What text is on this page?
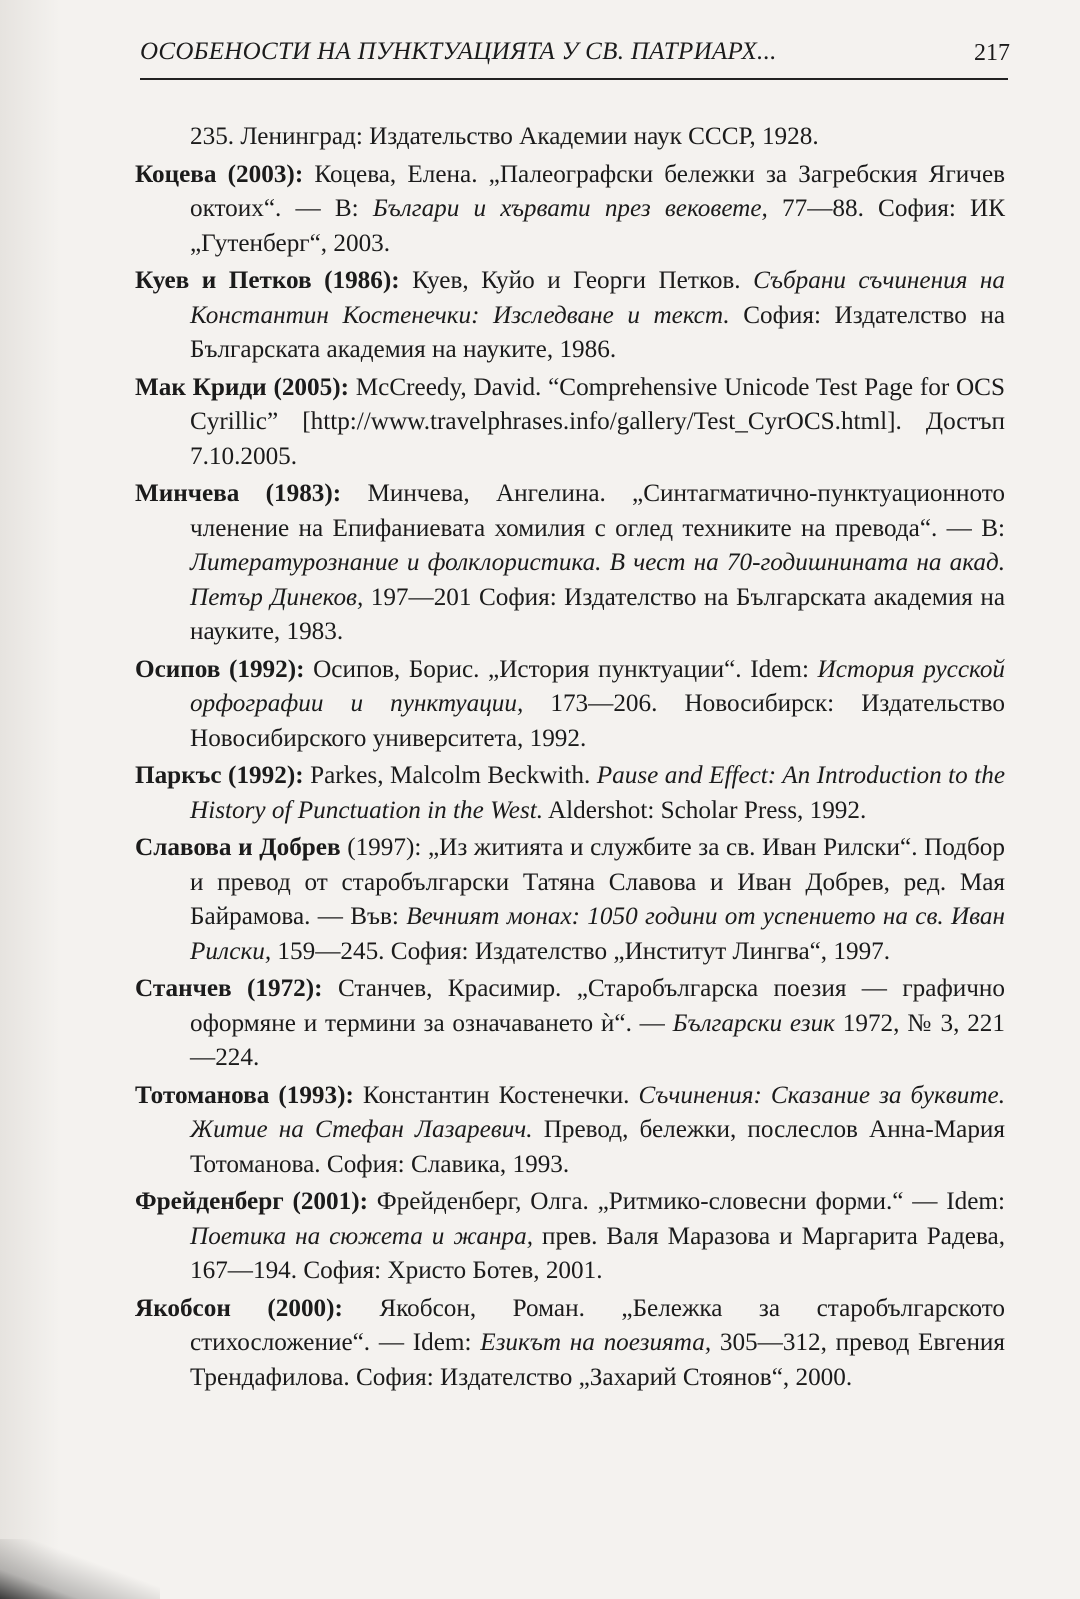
ОСОБЕНОСТИ НА ПУНКТУАЦИЯТА У СВ. ПАТРИАРХ...	217

235. Ленинград: Издательство Академии наук СССР, 1928.

Коцева (2003): Коцева, Елена. „Палеографски бележки за Загребския Ягичев октоих“. — В: Българи и хървати през вековете, 77—88. София: ИК „Гутенберг“, 2003.

Куев и Петков (1986): Куев, Куйо и Георги Петков. Събрани съчинения на Константин Костенечки: Изследване и текст. София: Издателство на Българската академия на науките, 1986.

Мак Криди (2005): McCreedy, David. “Comprehensive Unicode Test Page for OCS Cyrillic” [http://www.travelphrases.info/gallery/Test_CyrOCS.html]. Достъп 7.10.2005.

Минчева (1983): Минчева, Ангелина. „Синтагматично-пунктуационното членение на Епифаниевата хомилия с оглед техниките на превода“. — В: Литературознание и фолклористика. В чест на 70-годишнината на акад. Петър Динеков, 197—201 София: Издателство на Българската академия на науките, 1983.

Осипов (1992): Осипов, Борис. „История пунктуации“. Idem: История русской орфографии и пунктуации, 173—206. Новосибирск: Издательство Новосибирского университета, 1992.

Паркъс (1992): Parkes, Malcolm Beckwith. Pause and Effect: An Introduction to the History of Punctuation in the West. Aldershot: Scholar Press, 1992.

Славова и Добрев (1997): „Из житията и службите за св. Иван Рилски“. Подбор и превод от старобългарски Татяна Славова и Иван Добрев, ред. Мая Байрамова. — Във: Вечният монах: 1050 години от успението на св. Иван Рилски, 159—245. София: Издателство „Институт Лингва“, 1997.

Станчев (1972): Станчев, Красимир. „Старобългарска поезия — графично оформяне и термини за означаването ѝ“. — Български език 1972, № 3, 221—224.

Тотоманова (1993): Константин Костенечки. Съчинения: Сказание за буквите. Житие на Стефан Лазаревич. Превод, бележки, послеслов Анна-Мария Тотоманова. София: Славика, 1993.

Фрейденберг (2001): Фрейденберг, Олга. „Ритмико-словесни форми.“ — Idem: Поетика на сюжета и жанра, прев. Валя Маразова и Маргарита Радева, 167—194. София: Христо Ботев, 2001.

Якобсон (2000): Якобсон, Роман. „Бележка за старобългарското стихосложение“. — Idem: Езикът на поезията, 305—312, превод Евгения Трендафилова. София: Издателство „Захарий Стоянов“, 2000.
